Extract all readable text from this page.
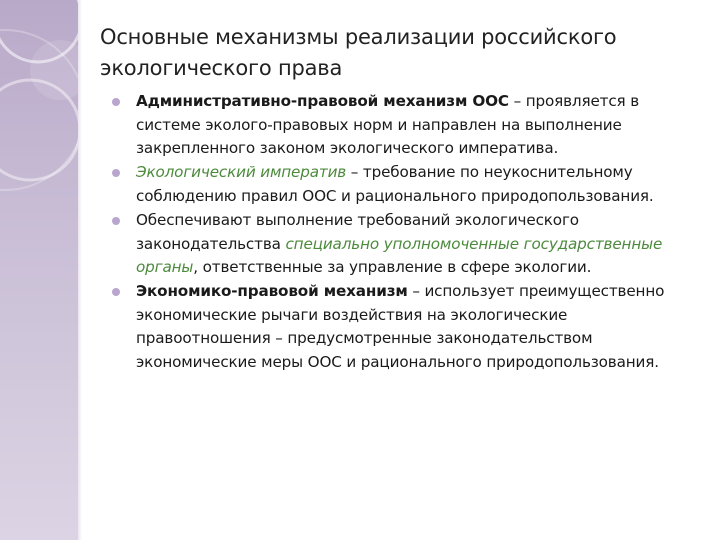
Основные механизмы реализации российского экологического права
Административно-правовой механизм ООС – проявляется в системе эколого-правовых норм и направлен на выполнение закрепленного законом экологического императива.
Экологический императив – требование по неукоснительному соблюдению правил ООС и рационального природопользования.
Обеспечивают выполнение требований экологического законодательства специально уполномоченные государственные органы, ответственные за управление в сфере экологии.
Экономико-правовой механизм – использует преимущественно экономические рычаги воздействия на экологические правоотношения – предусмотренные законодательством экономические меры ООС и рационального природопользования.
